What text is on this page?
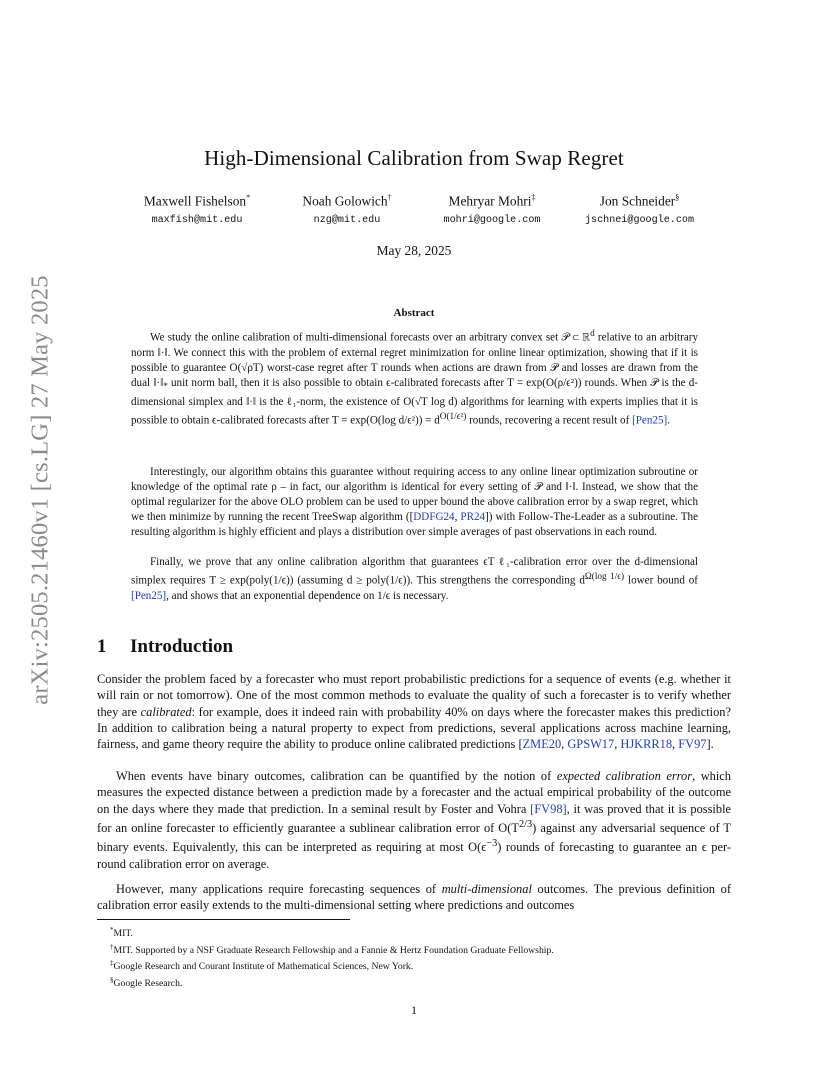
arXiv:2505.21460v1 [cs.LG] 27 May 2025
High-Dimensional Calibration from Swap Regret
Maxwell Fishelson*
maxfish@mit.edu
Noah Golowich†
nzg@mit.edu
Mehryar Mohri‡
mohri@google.com
Jon Schneider§
jschnei@google.com
May 28, 2025
Abstract

We study the online calibration of multi-dimensional forecasts over an arbitrary convex set 𝒫 ⊂ ℝ$^d$ relative to an arbitrary norm ‖·‖. We connect this with the problem of external regret minimization for online linear optimization, showing that if it is possible to guarantee O(√ρT) worst-case regret after T rounds when actions are drawn from 𝒫 and losses are drawn from the dual $‖\cdot‖_*$ unit norm ball, then it is also possible to obtain ϵ-calibrated forecasts after T = exp(O(ρ/ϵ²)) rounds. When 𝒫 is the d-dimensional simplex and ‖·‖ is the ℓ₁-norm, the existence of O(√T log d) algorithms for learning with experts implies that it is possible to obtain ϵ-calibrated forecasts after T = exp(O(log $d/\epsilon^2)) = d^{O(1/\epsilon^2)}$ rounds, recovering a recent result of [Pen25].

Interestingly, our algorithm obtains this guarantee without requiring access to any online linear optimization subroutine or knowledge of the optimal rate ρ – in fact, our algorithm is identical for every setting of 𝒫 and ‖·‖. Instead, we show that the optimal regularizer for the above OLO problem can be used to upper bound the above calibration error by a swap regret, which we then minimize by running the recent TreeSwap algorithm ([DDFG24, PR24]) with Follow-The-Leader as a subroutine. The resulting algorithm is highly efficient and plays a distribution over simple averages of past observations in each round.

Finally, we prove that any online calibration algorithm that guarantees ϵT ℓ₁-calibration error over the d-dimensional simplex requires T ≥ exp(poly(1/ϵ)) (assuming d ≥ poly(1/ϵ)). This strengthens the corresponding $d^{\Omega(log 1/\epsilon)}$ lower bound of [Pen25], and shows that an exponential dependence on 1/ϵ is necessary.

1 Introduction

Consider the problem faced by a forecaster who must report probabilistic predictions for a sequence of events (e.g. whether it will rain or not tomorrow). One of the most common methods to evaluate the quality of such a forecaster is to verify whether they are calibrated: for example, does it indeed rain with probability 40% on days where the forecaster makes this prediction? In addition to calibration being a natural property to expect from predictions, several applications across machine learning, fairness, and game theory require the ability to produce online calibrated predictions [ZME20, GPSW17, HJKRR18, FV97].

When events have binary outcomes, calibration can be quantified by the notion of expected calibration error, which measures the expected distance between a prediction made by a forecaster and the actual empirical probability of the outcome on the days where they made that prediction. In a seminal result by Foster and Vohra [FV98], it was proved that it is possible for an online forecaster to efficiently guarantee a sublinear calibration error of $O(T^{2/3})$ against any adversarial sequence of T binary events. Equivalently, this can be interpreted as requiring at most $O(\epsilon^{-3})$ rounds of forecasting to guarantee an ϵ per-round calibration error on average.

However, many applications require forecasting sequences of multi-dimensional outcomes. The previous definition of calibration error easily extends to the multi-dimensional setting where predictions and outcomes

*MIT.
†MIT. Supported by a NSF Graduate Research Fellowship and a Fannie & Hertz Foundation Graduate Fellowship.
‡Google Research and Courant Institute of Mathematical Sciences, New York.
§Google Research.
1
